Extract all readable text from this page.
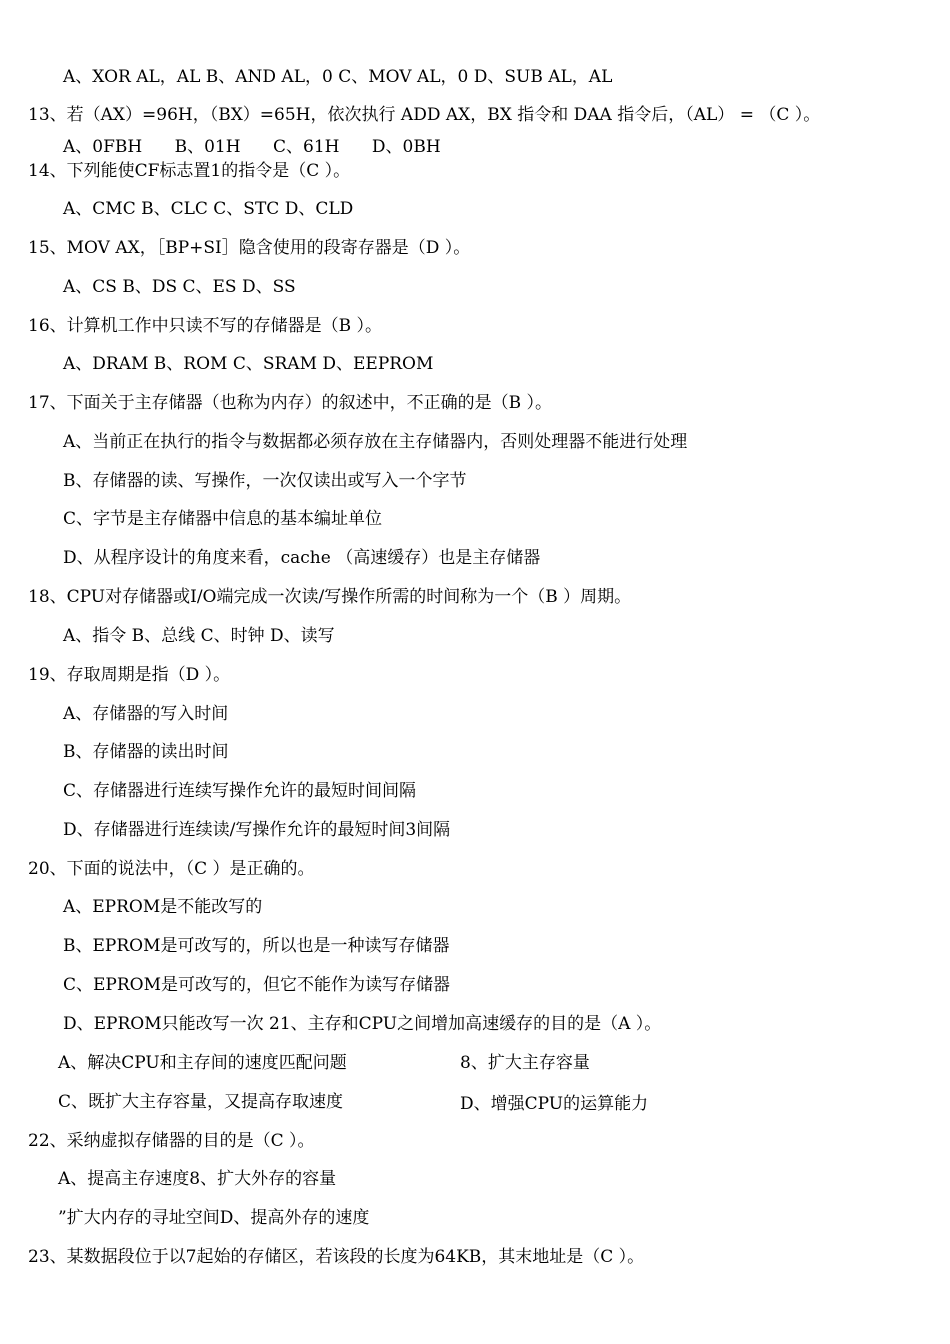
A、XOR AL，AL B、AND AL，0 C、MOV AL，0 D、SUB AL，AL
13、若（AX）=96H，（BX）=65H，依次执行 ADD AX，BX 指令和 DAA 指令后，（AL） = （C ）。
A、0FBH      B、01H      C、61H      D、0BH
14、下列能使CF标志置1的指令是（C ）。
A、CMC B、CLC C、STC D、CLD
15、MOV AX，［BP+SI］隐含使用的段寄存器是（D ）。
A、CS B、DS C、ES D、SS
16、计算机工作中只读不写的存储器是（B ）。
A、DRAM B、ROM C、SRAM D、EEPROM
17、下面关于主存储器（也称为内存）的叙述中，不正确的是（B ）。
A、当前正在执行的指令与数据都必须存放在主存储器内，否则处理器不能进行处理
B、存储器的读、写操作，一次仅读出或写入一个字节
C、字节是主存储器中信息的基本编址单位
D、从程序设计的角度来看，cache （高速缓存）也是主存储器
18、CPU对存储器或I/O端完成一次读/写操作所需的时间称为一个（B ）周期。
A、指令 B、总线 C、时钟 D、读写
19、存取周期是指（D ）。
A、存储器的写入时间
B、存储器的读出时间
C、存储器进行连续写操作允许的最短时间间隔
D、存储器进行连续读/写操作允许的最短时间3间隔
20、下面的说法中，（C ）是正确的。
A、EPROM是不能改写的
B、EPROM是可改写的，所以也是一种读写存储器
C、EPROM是可改写的，但它不能作为读写存储器
D、EPROM只能改写一次 21、主存和CPU之间增加高速缓存的目的是（A ）。
A、解决CPU和主存间的速度匹配问题	8、扩大主存容量
C、既扩大主存容量，又提高存取速度	D、增强CPU的运算能力
22、采纳虚拟存储器的目的是（C ）。
A、提高主存速度8、扩大外存的容量
”扩大内存的寻址空间D、提高外存的速度
23、某数据段位于以7起始的存储区，若该段的长度为64KB，其末地址是（C ）。
